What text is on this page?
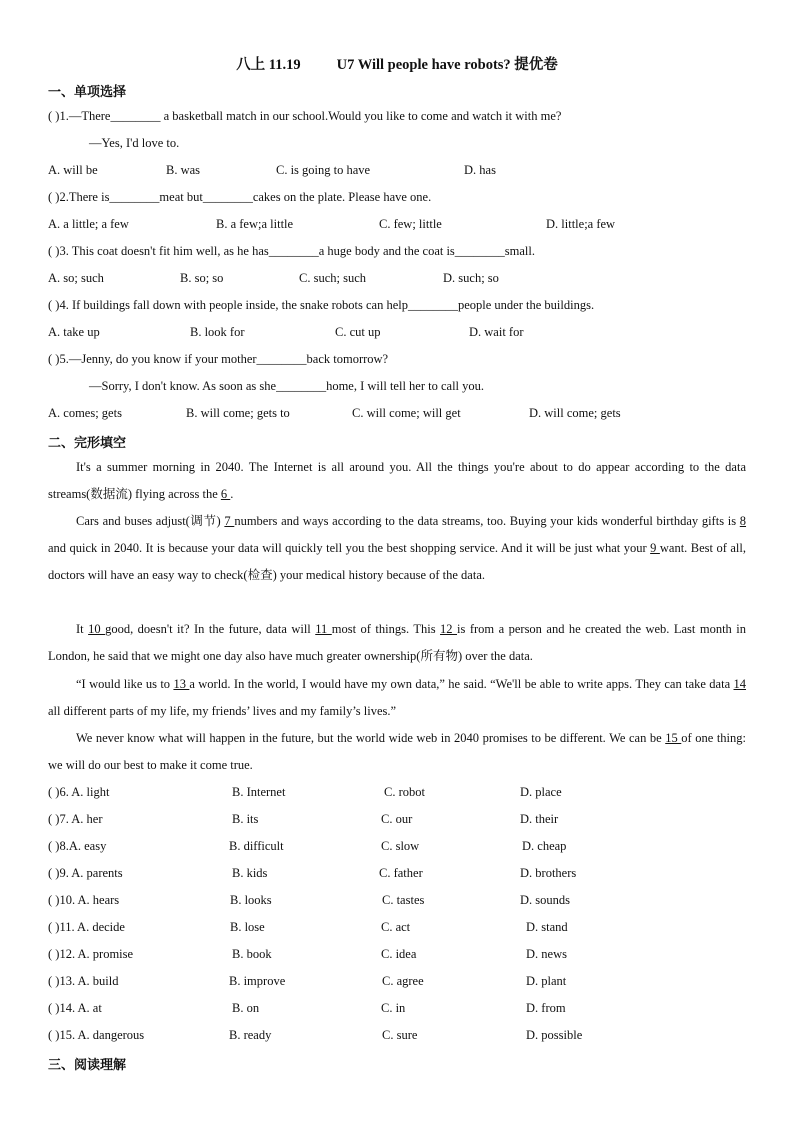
八上 11.19 U7 Will people have robots? 提优卷
一、单项选择
( )1.—There________ a basketball match in our school.Would you like to come and watch it with me?
—Yes, I'd love to.
A. will be	B. was	C. is going to have	D. has
( )2.There is________meat but________cakes on the plate. Please have one.
A. a little; a few	B. a few;a little	C. few; little	D. little;a few
( )3. This coat doesn't fit him well, as he has________a huge body and the coat is________small.
A. so; such	B. so; so	C. such; such	D. such; so
( )4. If buildings fall down with people inside, the snake robots can help________people under the buildings.
A. take up	B. look for	C. cut up	D. wait for
( )5.—Jenny, do you know if your mother________back tomorrow?
—Sorry, I don't know. As soon as she________home, I will tell her to call you.
A. comes; gets	B. will come; gets to	C. will come; will get	D. will come; gets
二、完形填空
It's a summer morning in 2040. The Internet is all around you. All the things you're about to do appear according to the data streams(数据流) flying across the 6 .
Cars and buses adjust(调节) 7 numbers and ways according to the data streams, too. Buying your kids wonderful birthday gifts is 8 and quick in 2040. It is because your data will quickly tell you the best shopping service. And it will be just what your 9 want. Best of all, doctors will have an easy way to check(检查) your medical history because of the data.
It 10 good, doesn't it? In the future, data will 11 most of things. This 12 is from a person and he created the web. Last month in London, he said that we might one day also have much greater ownership(所有物) over the data.
“I would like us to 13 a world. In the world, I would have my own data,” he said. “We'll be able to write apps. They can take data 14 all different parts of my life, my friends’ lives and my family’s lives.”
We never know what will happen in the future, but the world wide web in 2040 promises to be different. We can be 15 of one thing: we will do our best to make it come true.
( )6. A. light	B. Internet	C. robot	D. place
( )7. A. her	B. its	C. our	D. their
( )8.A. easy	B. difficult	C. slow	D. cheap
( )9. A. parents	B. kids	C. father	D. brothers
( )10. A. hears	B. looks	C. tastes	D. sounds
( )11. A. decide	B. lose	C. act	D. stand
( )12. A. promise	B. book	C. idea	D. news
( )13. A. build	B. improve	C. agree	D. plant
( )14. A. at	B. on	C. in	D. from
( )15. A. dangerous	B. ready	C. sure	D. possible
三、阅读理解
